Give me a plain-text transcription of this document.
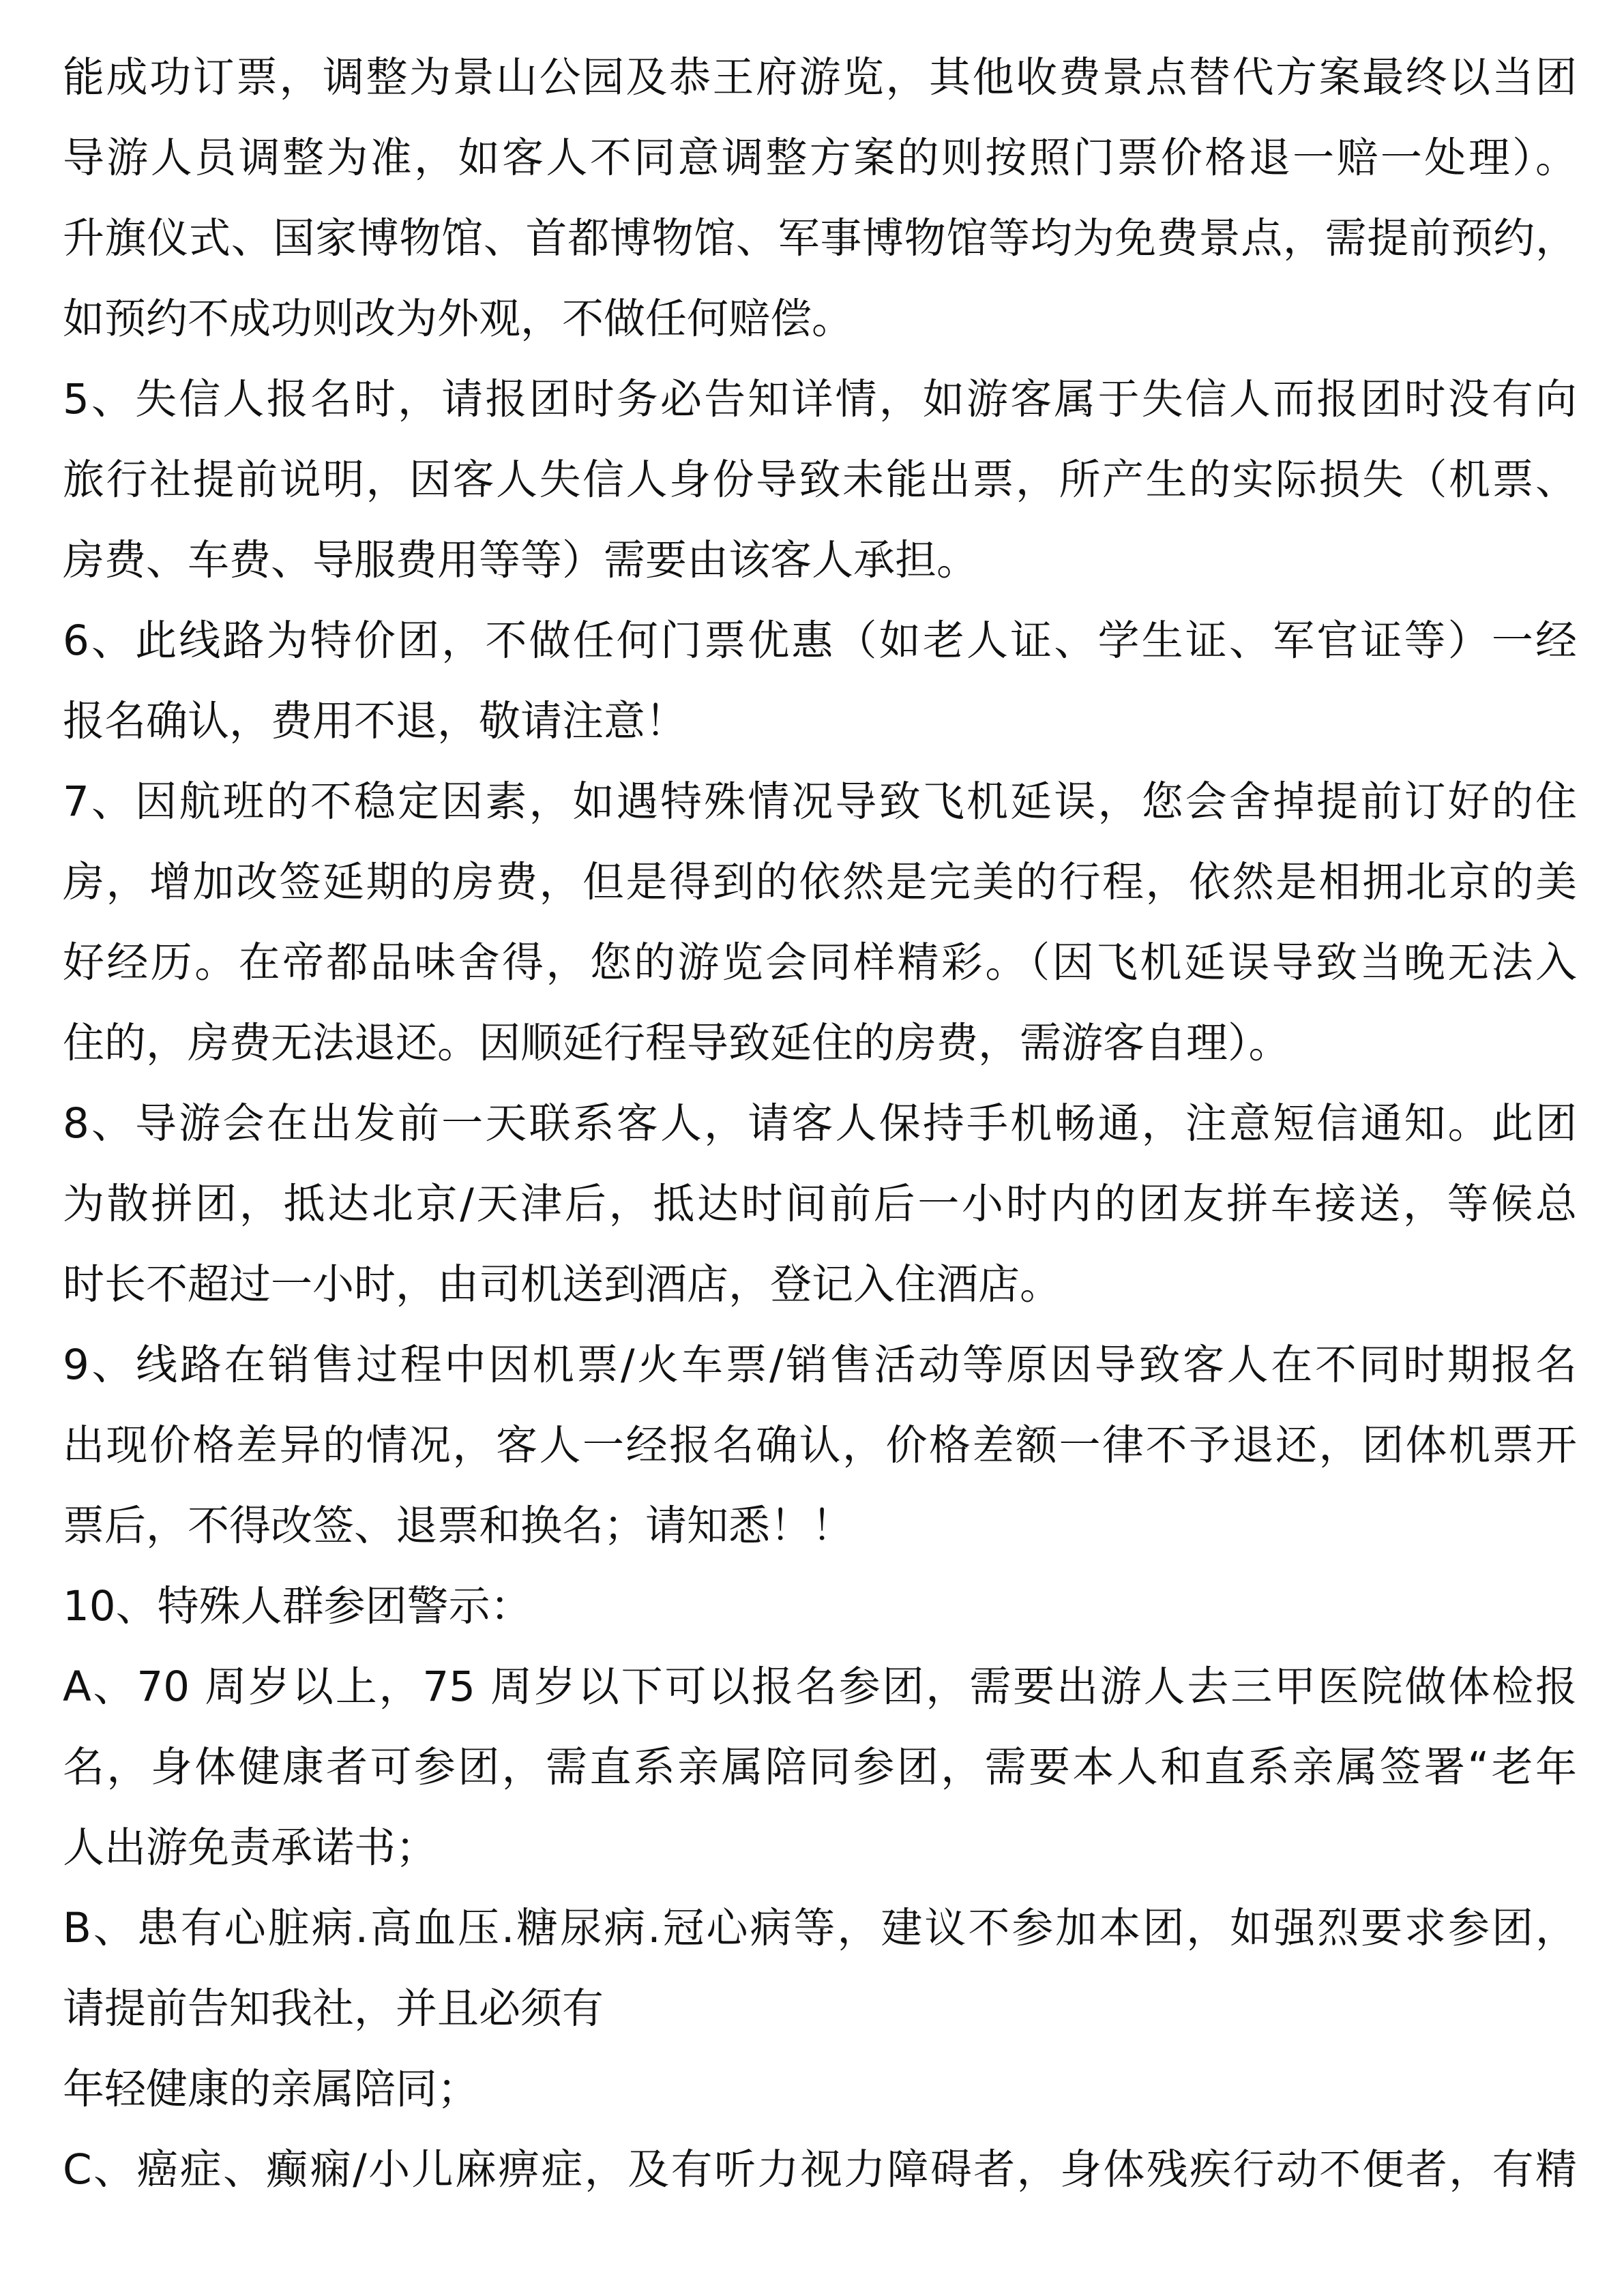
能成功订票，调整为景山公园及恭王府游览，其他收费景点替代方案最终以当团
导游人员调整为准，如客人不同意调整方案的则按照门票价格退一赔一处理）。
升旗仪式、国家博物馆、首都博物馆、军事博物馆等均为免费景点，需提前预约，
如预约不成功则改为外观，不做任何赔偿。
5、失信人报名时，请报团时务必告知详情，如游客属于失信人而报团时没有向
旅行社提前说明，因客人失信人身份导致未能出票，所产生的实际损失（机票、
房费、车费、导服费用等等）需要由该客人承担。
6、此线路为特价团，不做任何门票优惠（如老人证、学生证、军官证等）一经
报名确认，费用不退，敬请注意！
7、因航班的不稳定因素，如遇特殊情况导致飞机延误，您会舍掉提前订好的住
房，增加改签延期的房费，但是得到的依然是完美的行程，依然是相拥北京的美
好经历。在帝都品味舍得，您的游览会同样精彩。（因飞机延误导致当晚无法入
住的，房费无法退还。因顺延行程导致延住的房费，需游客自理）。
8、导游会在出发前一天联系客人，请客人保持手机畅通，注意短信通知。此团
为散拼团，抵达北京/天津后，抵达时间前后一小时内的团友拼车接送，等候总
时长不超过一小时，由司机送到酒店，登记入住酒店。
9、线路在销售过程中因机票/火车票/销售活动等原因导致客人在不同时期报名
出现价格差异的情况，客人一经报名确认，价格差额一律不予退还，团体机票开
票后，不得改签、退票和换名；请知悉！！
10、特殊人群参团警示：
A、70 周岁以上，75 周岁以下可以报名参团，需要出游人去三甲医院做体检报
名，身体健康者可参团，需直系亲属陪同参团，需要本人和直系亲属签署“老年
人出游免责承诺书；
B、患有心脏病.高血压.糖尿病.冠心病等，建议不参加本团，如强烈要求参团，
请提前告知我社，并且必须有
年轻健康的亲属陪同；
C、癌症、癫痫/小儿麻痹症，及有听力视力障碍者，身体残疾行动不便者，有精
